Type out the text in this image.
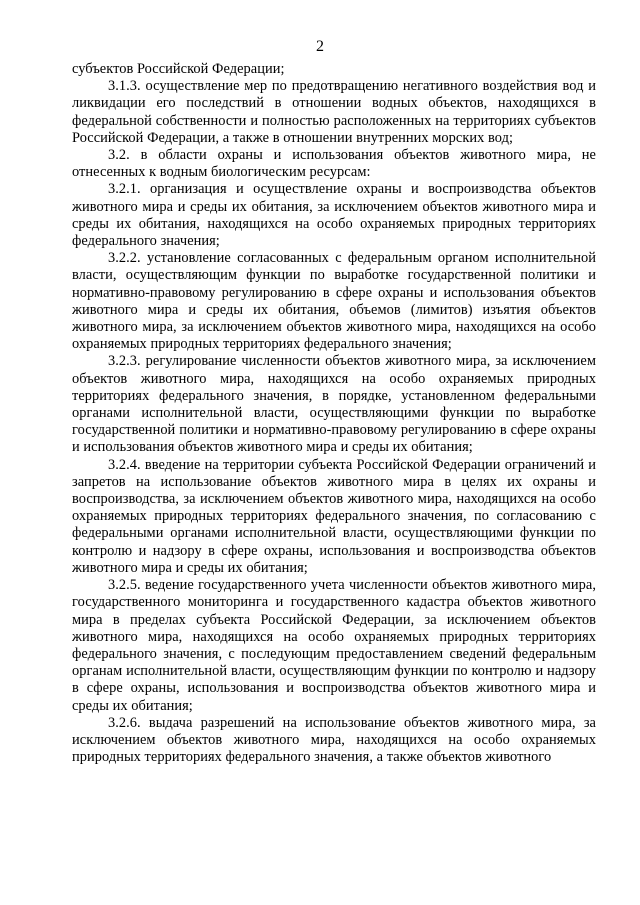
2

субъектов Российской Федерации;

3.1.3. осуществление мер по предотвращению негативного воздействия вод и ликвидации его последствий в отношении водных объектов, находящихся в федеральной собственности и полностью расположенных на территориях субъектов Российской Федерации, а также в отношении внутренних морских вод;

3.2. в области охраны и использования объектов животного мира, не отнесенных к водным биологическим ресурсам:

3.2.1. организация и осуществление охраны и воспроизводства объектов животного мира и среды их обитания, за исключением объектов животного мира и среды их обитания, находящихся на особо охраняемых природных территориях федерального значения;

3.2.2. установление согласованных с федеральным органом исполнительной власти, осуществляющим функции по выработке государственной политики и нормативно-правовому регулированию в сфере охраны и использования объектов животного мира и среды их обитания, объемов (лимитов) изъятия объектов животного мира, за исключением объектов животного мира, находящихся на особо охраняемых природных территориях федерального значения;

3.2.3. регулирование численности объектов животного мира, за исключением объектов животного мира, находящихся на особо охраняемых природных территориях федерального значения, в порядке, установленном федеральными органами исполнительной власти, осуществляющими функции по выработке государственной политики и нормативно-правовому регулированию в сфере охраны и использования объектов животного мира и среды их обитания;

3.2.4. введение на территории субъекта Российской Федерации ограничений и запретов на использование объектов животного мира в целях их охраны и воспроизводства, за исключением объектов животного мира, находящихся на особо охраняемых природных территориях федерального значения, по согласованию с федеральными органами исполнительной власти, осуществляющими функции по контролю и надзору в сфере охраны, использования и воспроизводства объектов животного мира и среды их обитания;

3.2.5. ведение государственного учета численности объектов животного мира, государственного мониторинга и государственного кадастра объектов животного мира в пределах субъекта Российской Федерации, за исключением объектов животного мира, находящихся на особо охраняемых природных территориях федерального значения, с последующим предоставлением сведений федеральным органам исполнительной власти, осуществляющим функции по контролю и надзору в сфере охраны, использования и воспроизводства объектов животного мира и среды их обитания;

3.2.6. выдача разрешений на использование объектов животного мира, за исключением объектов животного мира, находящихся на особо охраняемых природных территориях федерального значения, а также объектов животного
